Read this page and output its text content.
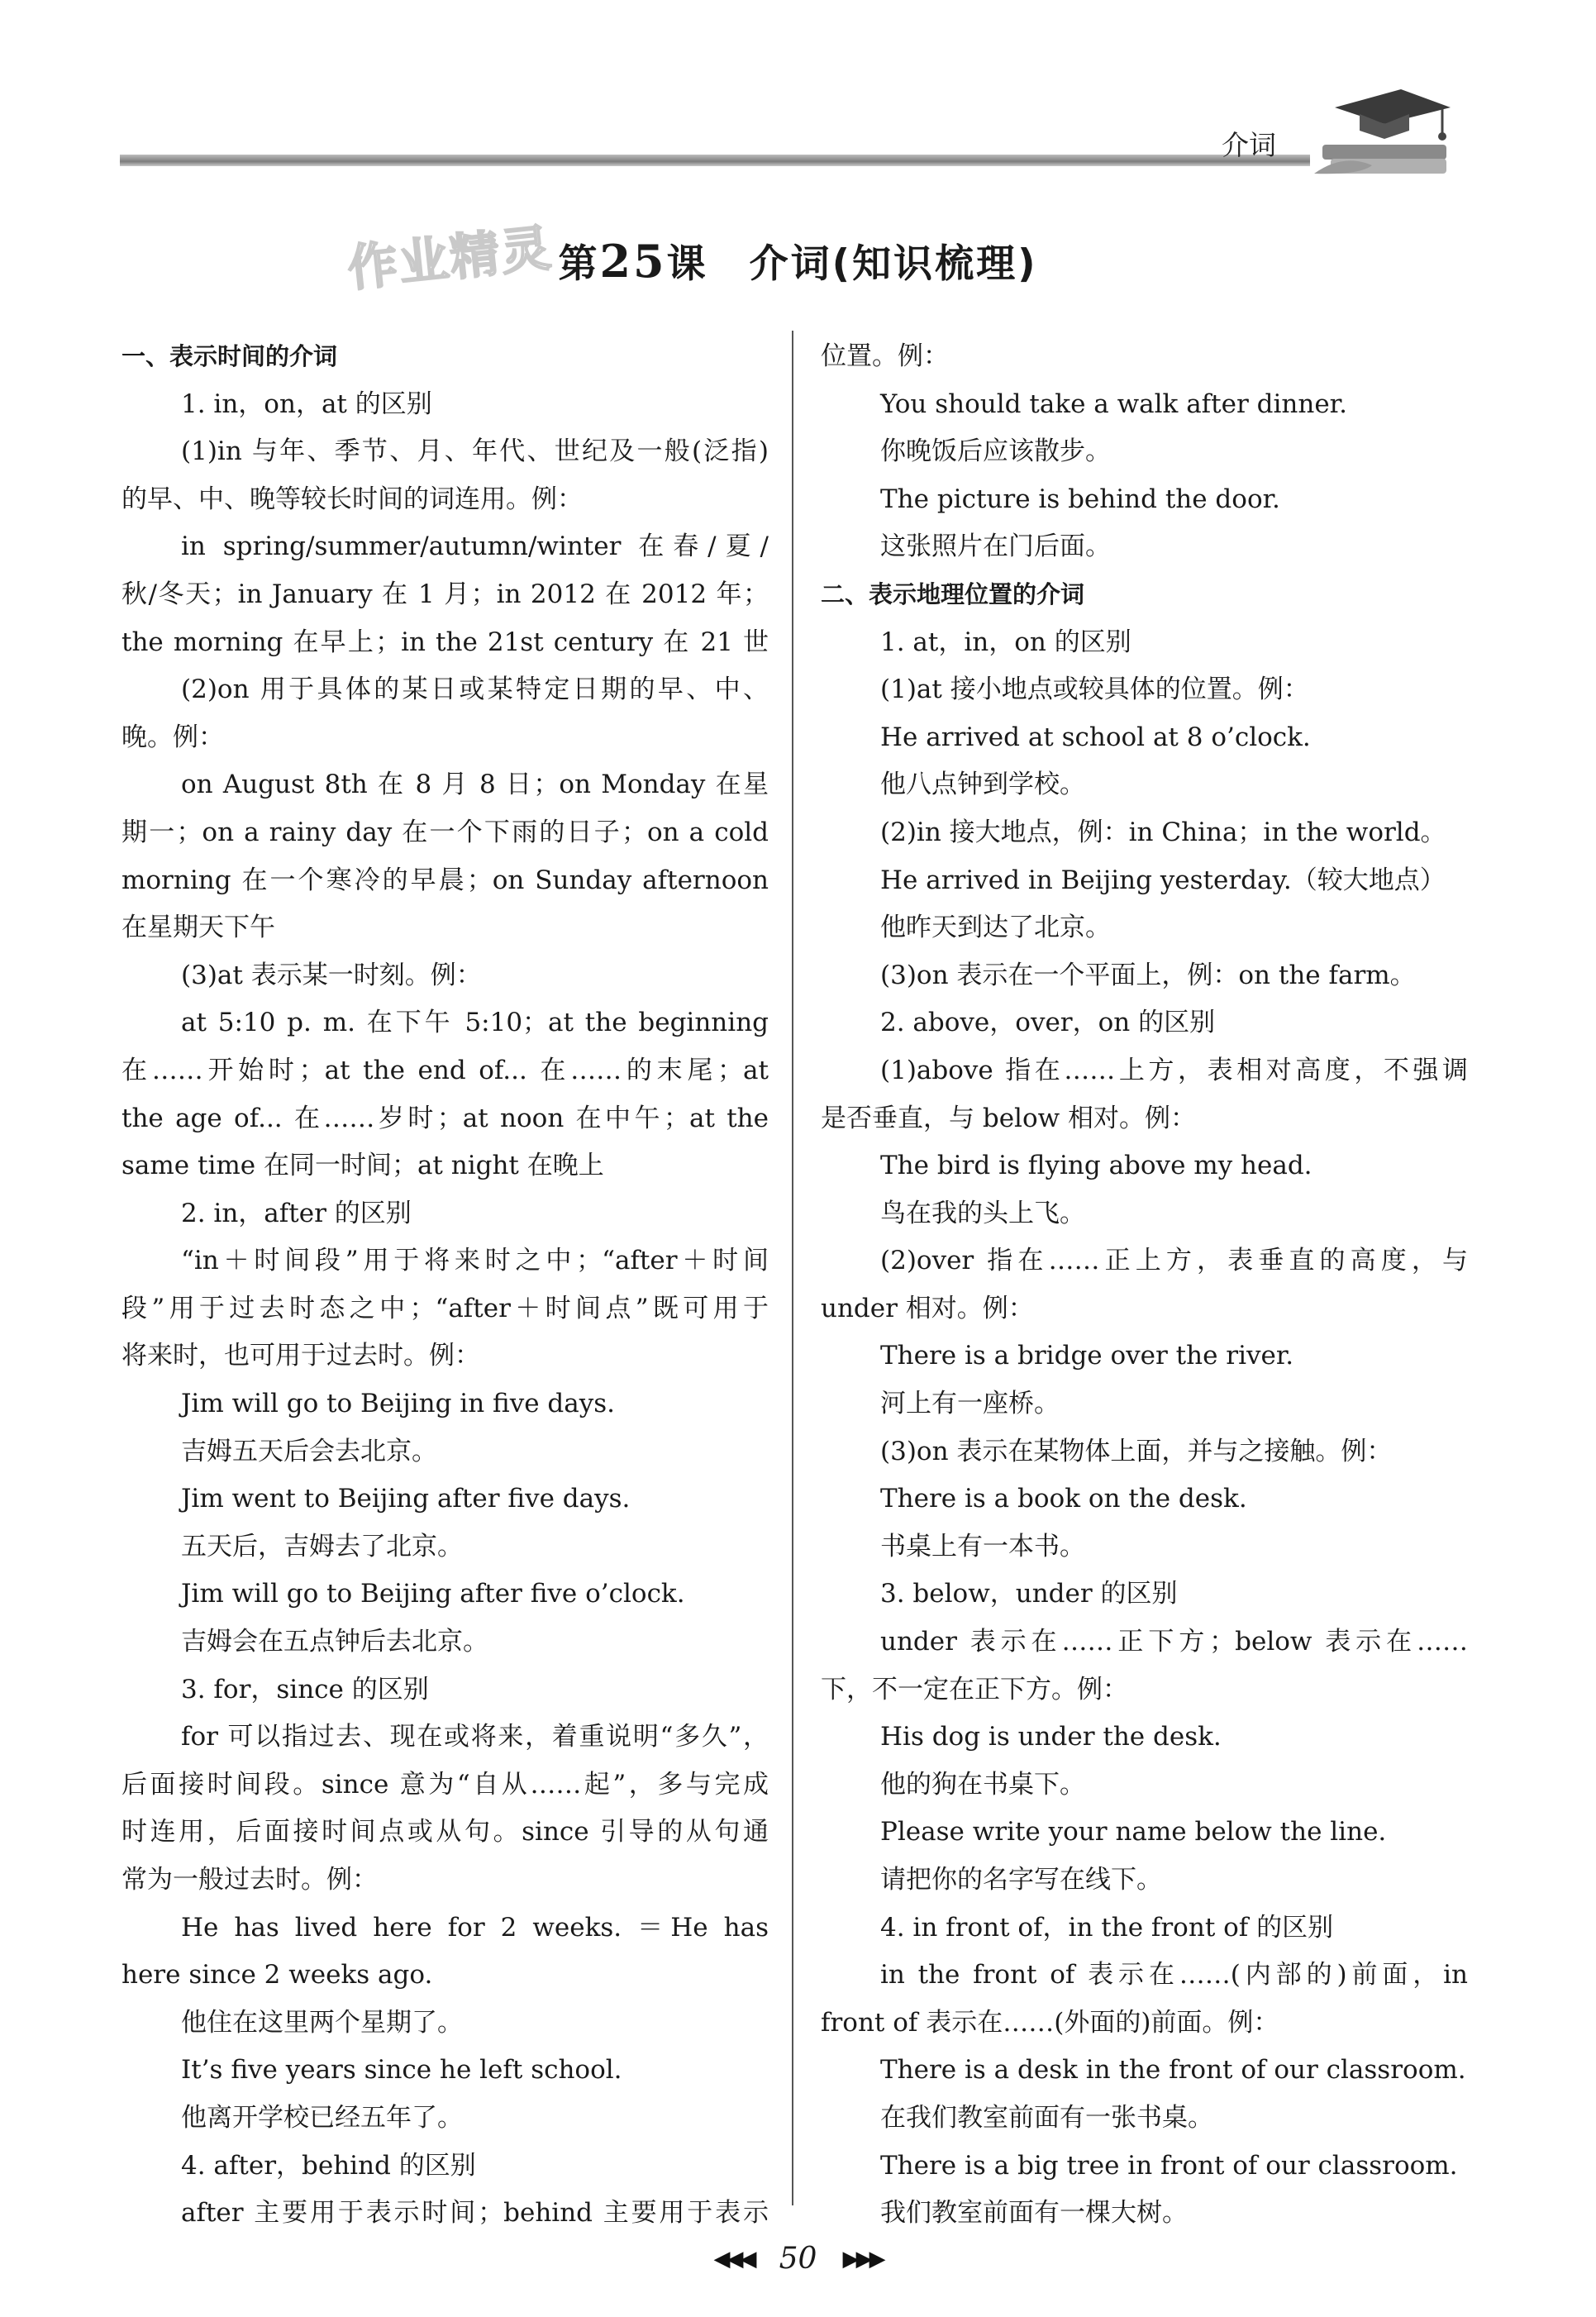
介词
作业精灵 第25课　介词(知识梳理)
一、表示时间的介词
1. in，on，at 的区别
(1)in 与年、季节、月、年代、世纪及一般(泛指)
的早、中、晚等较长时间的词连用。例：
in spring/summer/autumn/winter 在春/夏/
秋/冬天；in January 在 1 月；in 2012 在 2012 年；
the morning 在早上；in the 21st century 在 21 世
(2)on 用于具体的某日或某特定日期的早、中、
晚。例：
on August 8th 在 8 月 8 日；on Monday 在星
期一；on a rainy day 在一个下雨的日子；on a cold
morning 在一个寒冷的早晨；on Sunday afternoon
在星期天下午
(3)at 表示某一时刻。例：
at 5:10 p. m. 在下午 5:10；at the beginning
在……开始时；at the end of... 在……的末尾；at
the age of... 在……岁时；at noon 在中午；at the
same time 在同一时间；at night 在晚上
2. in，after 的区别
“in＋时间段”用于将来时之中；“after＋时间
段”用于过去时态之中；“after＋时间点”既可用于
将来时，也可用于过去时。例：
Jim will go to Beijing in five days.
吉姆五天后会去北京。
Jim went to Beijing after five days.
五天后，吉姆去了北京。
Jim will go to Beijing after five o’clock.
吉姆会在五点钟后去北京。
3. for，since 的区别
for 可以指过去、现在或将来，着重说明“多久”，
后面接时间段。since 意为“自从……起”，多与完成
时连用，后面接时间点或从句。since 引导的从句通
常为一般过去时。例：
He has lived here for 2 weeks. ＝He has
here since 2 weeks ago.
他住在这里两个星期了。
It’s five years since he left school.
他离开学校已经五年了。
4. after，behind 的区别
after 主要用于表示时间；behind 主要用于表示
位置。例：
You should take a walk after dinner.
你晚饭后应该散步。
The picture is behind the door.
这张照片在门后面。
二、表示地理位置的介词
1. at，in，on 的区别
(1)at 接小地点或较具体的位置。例：
He arrived at school at 8 o’clock.
他八点钟到学校。
(2)in 接大地点，例：in China；in the world。
He arrived in Beijing yesterday.（较大地点）
他昨天到达了北京。
(3)on 表示在一个平面上，例：on the farm。
2. above，over，on 的区别
(1)above 指在……上方，表相对高度，不强调
是否垂直，与 below 相对。例：
The bird is flying above my head.
鸟在我的头上飞。
(2)over 指在……正上方，表垂直的高度，与
under 相对。例：
There is a bridge over the river.
河上有一座桥。
(3)on 表示在某物体上面，并与之接触。例：
There is a book on the desk.
书桌上有一本书。
3. below，under 的区别
under 表示在……正下方；below 表示在……
下，不一定在正下方。例：
His dog is under the desk.
他的狗在书桌下。
Please write your name below the line.
请把你的名字写在线下。
4. in front of，in the front of 的区别
in the front of 表示在……(内部的)前面，in
front of 表示在……(外面的)前面。例：
There is a desk in the front of our classroom.
在我们教室前面有一张书桌。
There is a big tree in front of our classroom.
我们教室前面有一棵大树。
◀◀◀ 50 ▶▶▶
